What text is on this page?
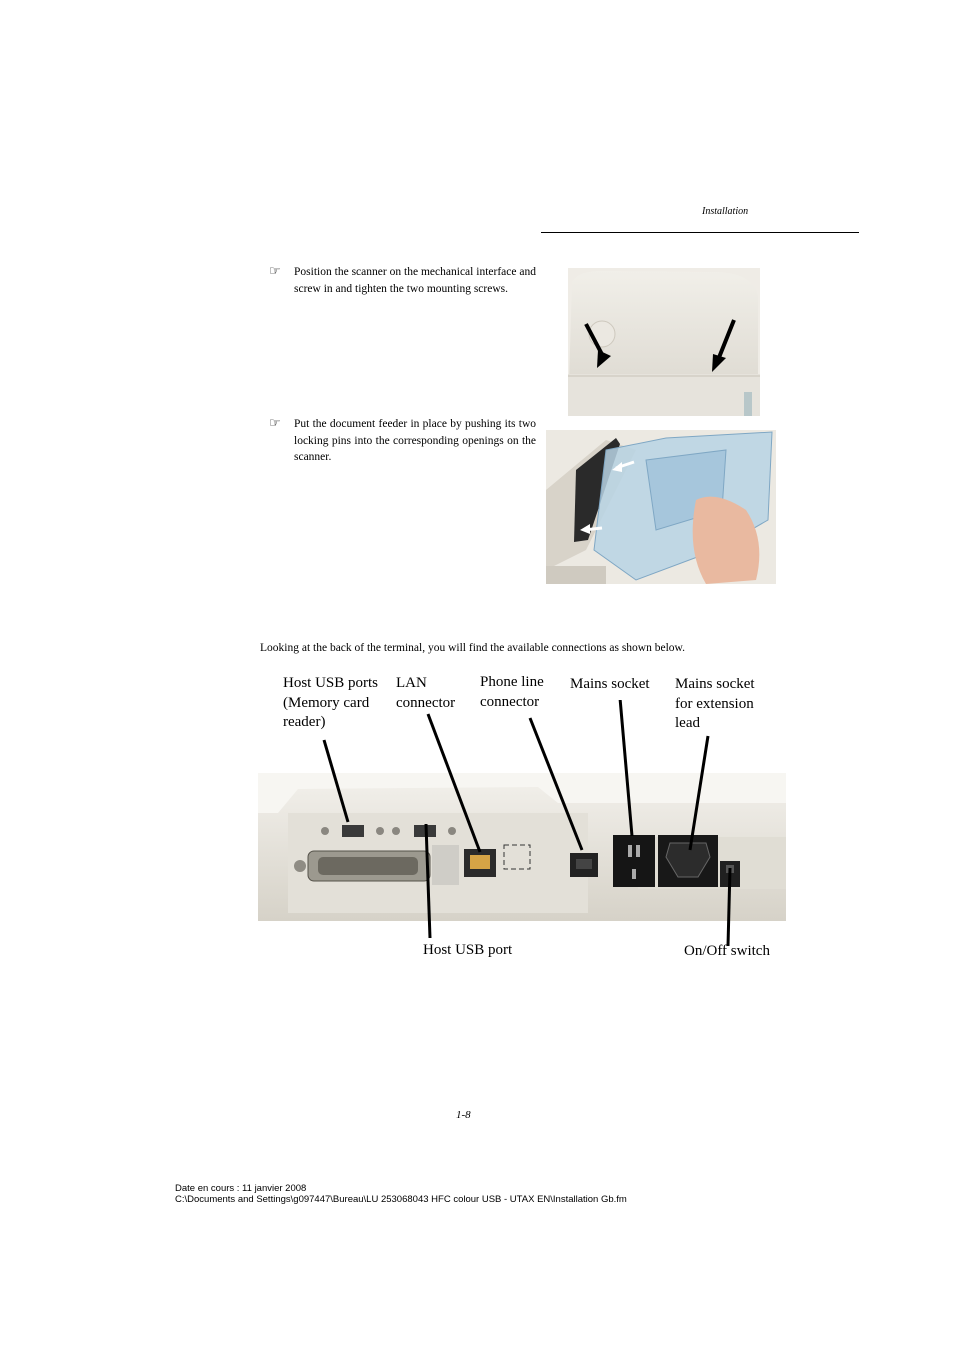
Installation
☞ Position the scanner on the mechanical interface and screw in and tighten the two mounting screws.
☞ Put the document feeder in place by pushing its two locking pins into the corresponding openings on the scanner.
Looking at the back of the terminal, you will find the available connections as shown below.
Host USB ports
(Memory card
reader)
LAN
connector
Phone line
connector
Mains socket Mains socket
for extension
lead
Host USB port	On/Off switch
1-8
Date en cours : 11 janvier 2008
C:\Documents and Settings\g097447\Bureau\LU 253068043 HFC colour USB - UTAX EN\Installation Gb.fm
